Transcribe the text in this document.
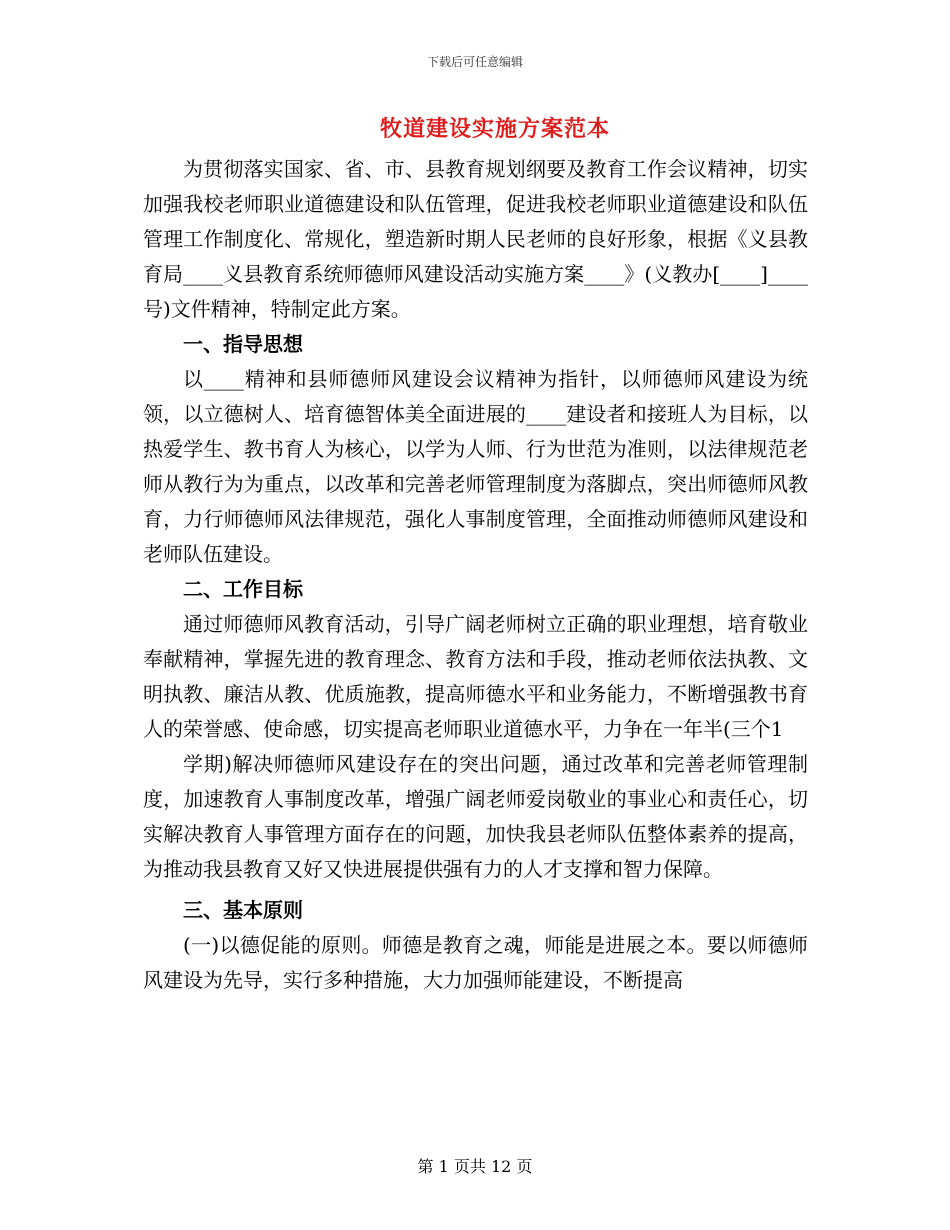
下载后可任意编辑
牧道建设实施方案范本

为贯彻落实国家、省、市、县教育规划纲要及教育工作会议精神，切实加强我校老师职业道德建设和队伍管理，促进我校老师职业道德建设和队伍管理工作制度化、常规化，塑造新时期人民老师的良好形象，根据《义县教育局____义县教育系统师德师风建设活动实施方案____》(义教办[____]____号)文件精神，特制定此方案。

一、指导思想

以____精神和县师德师风建设会议精神为指针，以师德师风建设为统领，以立德树人、培育德智体美全面进展的____建设者和接班人为目标，以热爱学生、教书育人为核心，以学为人师、行为世范为准则，以法律规范老师从教行为为重点，以改革和完善老师管理制度为落脚点，突出师德师风教育，力行师德师风法律规范，强化人事制度管理，全面推动师德师风建设和老师队伍建设。

二、工作目标

通过师德师风教育活动，引导广阔老师树立正确的职业理想，培育敬业奉献精神，掌握先进的教育理念、教育方法和手段，推动老师依法执教、文明执教、廉洁从教、优质施教，提高师德水平和业务能力，不断增强教书育人的荣誉感、使命感，切实提高老师职业道德水平，力争在一年半(三个1

学期)解决师德师风建设存在的突出问题，通过改革和完善老师管理制度，加速教育人事制度改革，增强广阔老师爱岗敬业的事业心和责任心，切实解决教育人事管理方面存在的问题，加快我县老师队伍整体素养的提高，为推动我县教育又好又快进展提供强有力的人才支撑和智力保障。

三、基本原则

(一)以德促能的原则。师德是教育之魂，师能是进展之本。要以师德师风建设为先导，实行多种措施，大力加强师能建设，不断提高

第 1 页共 12 页
